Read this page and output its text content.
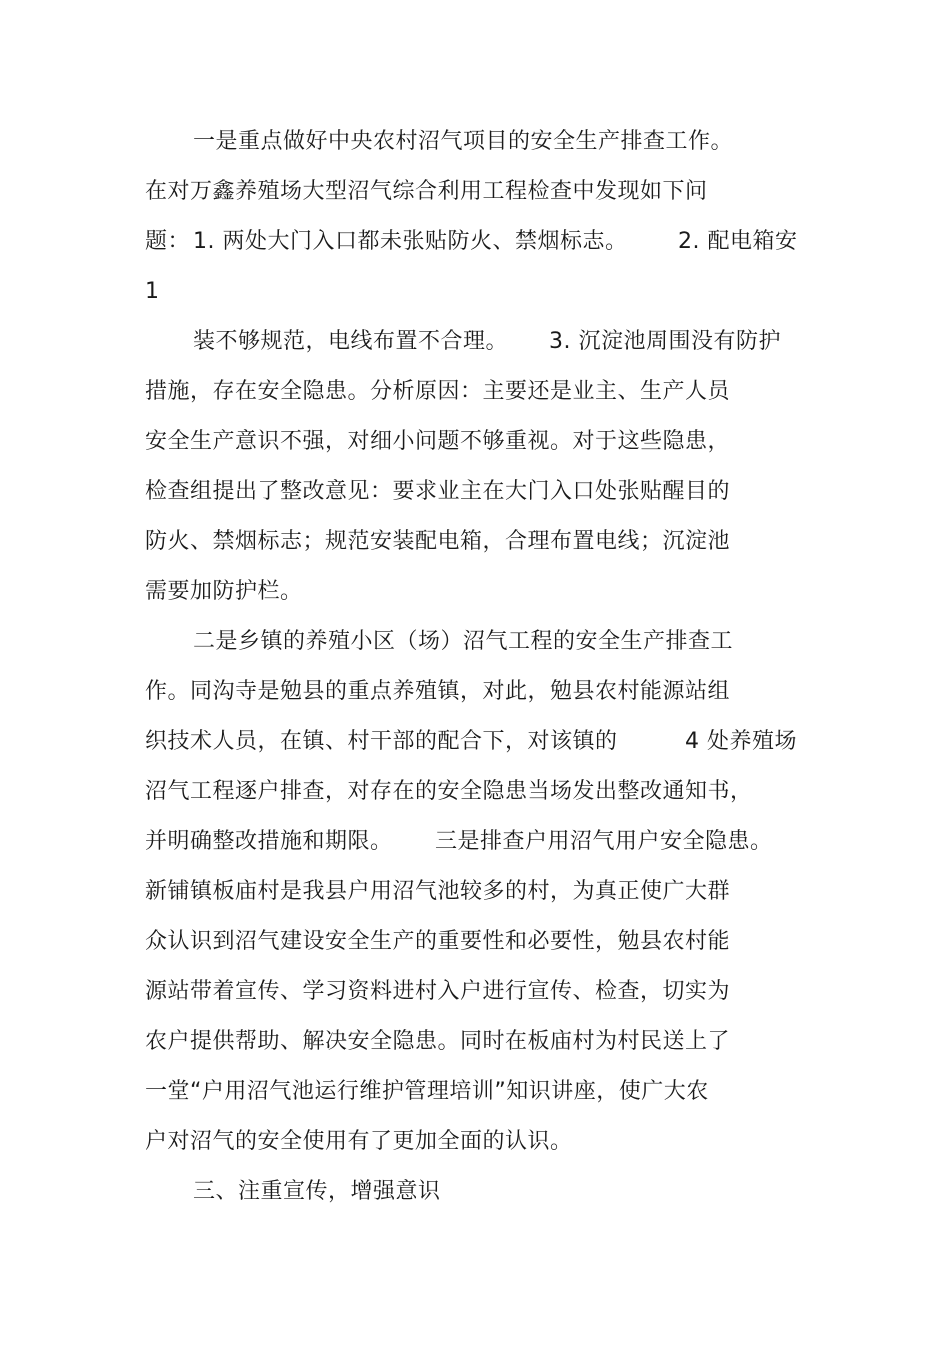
一是重点做好中央农村沼气项目的安全生产排查工作。
在对万鑫养殖场大型沼气综合利用工程检查中发现如下问
题： 1. 两处大门入口都未张贴防火、禁烟标志。 2. 配电箱安
1
装不够规范，电线布置不合理。 3. 沉淀池周围没有防护
措施，存在安全隐患。分析原因：主要还是业主、生产人员
安全生产意识不强，对细小问题不够重视。对于这些隐患，
检查组提出了整改意见：要求业主在大门入口处张贴醒目的
防火、禁烟标志；规范安装配电箱，合理布置电线；沉淀池
需要加防护栏。
二是乡镇的养殖小区（场）沼气工程的安全生产排查工
作。同沟寺是勉县的重点养殖镇，对此，勉县农村能源站组
织技术人员，在镇、村干部的配合下，对该镇的	4 处养殖场
沼气工程逐户排查，对存在的安全隐患当场发出整改通知书，
并明确整改措施和期限。 三是排查户用沼气用户安全隐患。
新铺镇板庙村是我县户用沼气池较多的村，为真正使广大群
众认识到沼气建设安全生产的重要性和必要性，勉县农村能
源站带着宣传、学习资料进村入户进行宣传、检查，切实为
农户提供帮助、解决安全隐患。同时在板庙村为村民送上了
一堂“户用沼气池运行维护管理培训”知识讲座，使广大农
户对沼气的安全使用有了更加全面的认识。
三、注重宣传，增强意识
